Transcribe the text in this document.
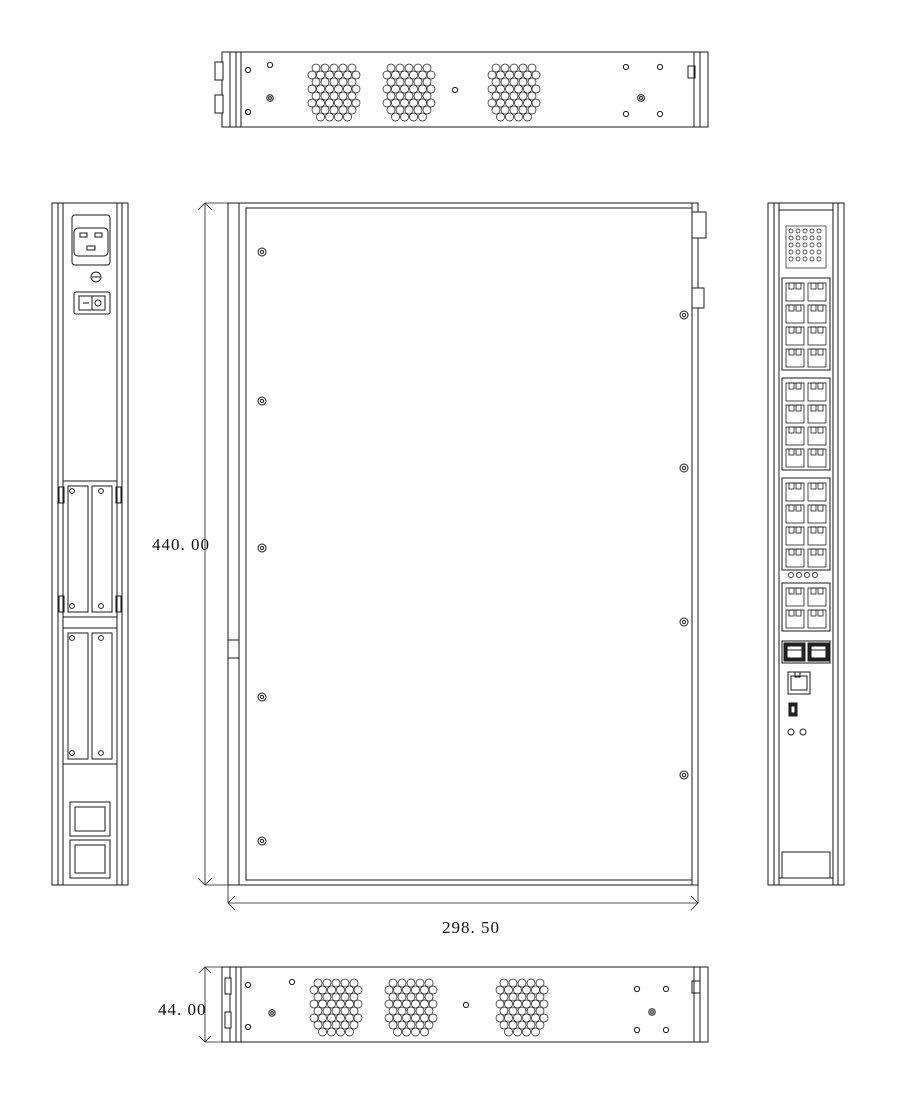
440. 00
298. 50
44. 00
